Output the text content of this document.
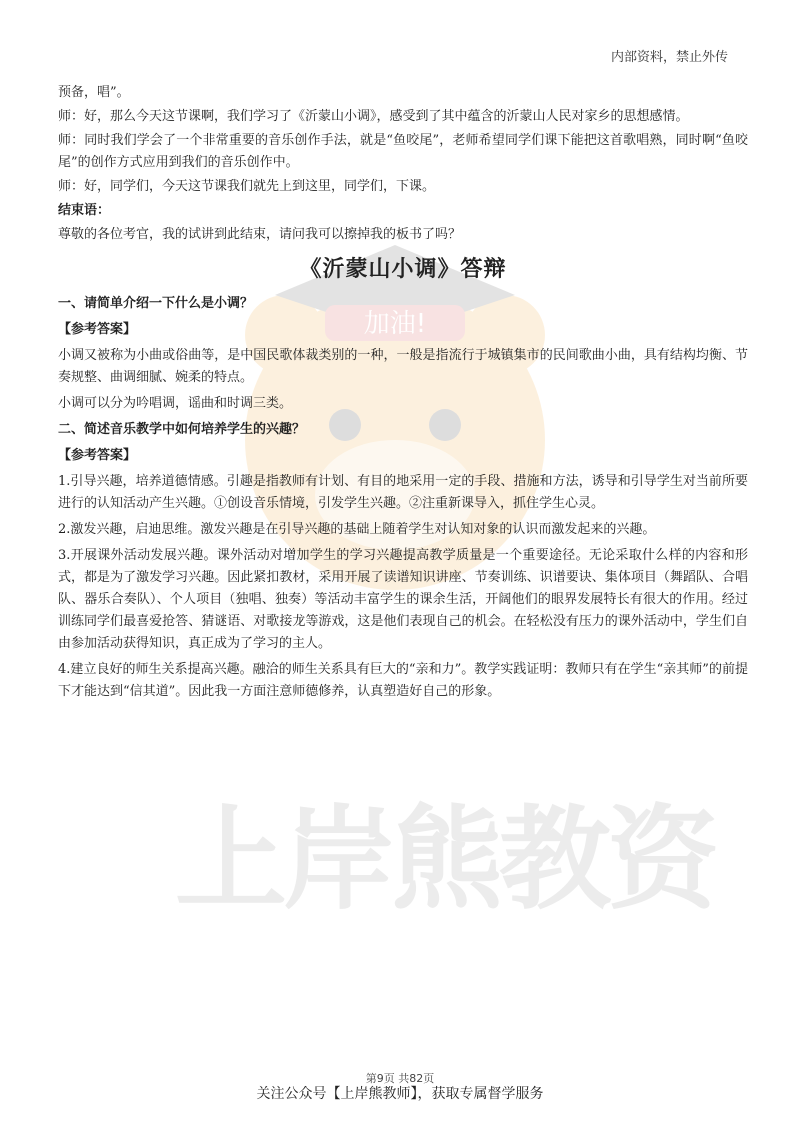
加油!
上岸熊教资
内部资料，禁止外传

预备，唱”。

师：好，那么今天这节课啊，我们学习了《沂蒙山小调》，感受到了其中蕴含的沂蒙山人民对家乡的思想感情。

师：同时我们学会了一个非常重要的音乐创作手法，就是“鱼咬尾”，老师希望同学们课下能把这首歌唱熟，同时啊“鱼咬尾”的创作方式应用到我们的音乐创作中。

师：好，同学们，今天这节课我们就先上到这里，同学们，下课。

结束语：

尊敬的各位考官，我的试讲到此结束，请问我可以擦掉我的板书了吗？

《沂蒙山小调》答辩

一、请简单介绍一下什么是小调？

【参考答案】

小调又被称为小曲或俗曲等，是中国民歌体裁类别的一种，一般是指流行于城镇集市的民间歌曲小曲，具有结构均衡、节奏规整、曲调细腻、婉柔的特点。

小调可以分为吟唱调，谣曲和时调三类。

二、简述音乐教学中如何培养学生的兴趣？

【参考答案】

1.引导兴趣，培养道德情感。引趣是指教师有计划、有目的地采用一定的手段、措施和方法，诱导和引导学生对当前所要进行的认知活动产生兴趣。①创设音乐情境，引发学生兴趣。②注重新课导入，抓住学生心灵。

2.激发兴趣，启迪思维。激发兴趣是在引导兴趣的基础上随着学生对认知对象的认识而激发起来的兴趣。

3.开展课外活动发展兴趣。课外活动对增加学生的学习兴趣提高教学质量是一个重要途径。无论采取什么样的内容和形式，都是为了激发学习兴趣。因此紧扣教材，采用开展了读谱知识讲座、节奏训练、识谱要诀、集体项目（舞蹈队、合唱队、器乐合奏队）、个人项目（独唱、独奏）等活动丰富学生的课余生活，开阔他们的眼界发展特长有很大的作用。经过训练同学们最喜爱抢答、猜谜语、对歌接龙等游戏，这是他们表现自己的机会。在轻松没有压力的课外活动中，学生们自由参加活动获得知识，真正成为了学习的主人。

4.建立良好的师生关系提高兴趣。融洽的师生关系具有巨大的“亲和力”。教学实践证明：教师只有在学生“亲其师”的前提下才能达到“信其道”。因此我一方面注意师德修养，认真塑造好自己的形象。

第9页 共82页
关注公众号【上岸熊教师】，获取专属督学服务
